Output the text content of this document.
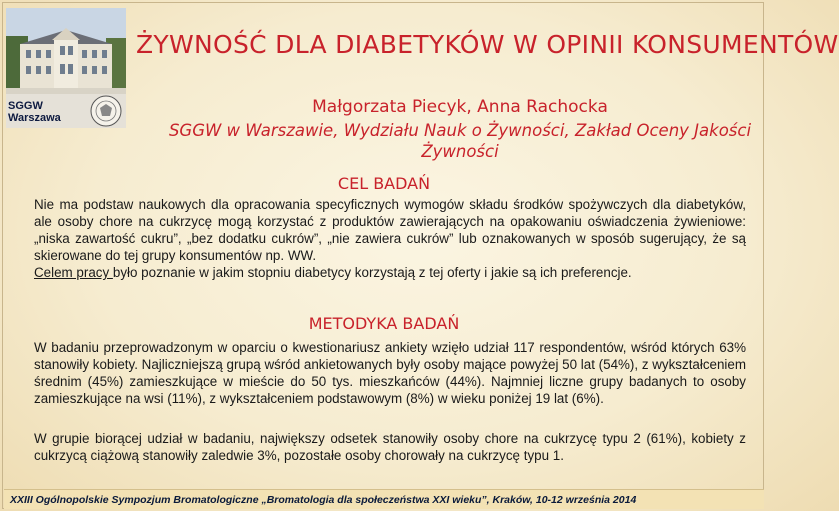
SGGW
Warszawa
ŻYWNOŚĆ DLA DIABETYKÓW W OPINII KONSUMENTÓW
Małgorzata Piecyk, Anna Rachocka
SGGW w Warszawie, Wydziału Nauk o Żywności, Zakład Oceny Jakości Żywności
CEL BADAŃ
Nie ma podstaw naukowych dla opracowania specyficznych wymogów składu środków spożywczych dla diabetyków, ale osoby chore na cukrzycę mogą korzystać z produktów zawierających na opakowaniu oświadczenia żywieniowe: „niska zawartość cukru”, „bez dodatku cukrów”, „nie zawiera cukrów” lub oznakowanych w sposób sugerujący, że są skierowane do tej grupy konsumentów np. WW.
Celem pracy było poznanie w jakim stopniu diabetycy korzystają z tej oferty i jakie są ich preferencje.
METODYKA BADAŃ
W badaniu przeprowadzonym w oparciu o kwestionariusz ankiety wzięło udział 117 respondentów, wśród których 63% stanowiły kobiety. Najliczniejszą grupą wśród ankietowanych były osoby mające powyżej 50 lat (54%), z wykształceniem średnim (45%) zamieszkujące w mieście do 50 tys. mieszkańców (44%). Najmniej liczne grupy badanych to osoby zamieszkujące na wsi (11%), z wykształceniem podstawowym (8%) w wieku poniżej 19 lat (6%).
W grupie biorącej udział w badaniu, największy odsetek stanowiły osoby chore na cukrzycę typu 2 (61%), kobiety z cukrzycą ciążową stanowiły zaledwie 3%, pozostałe osoby chorowały na cukrzycę typu 1.
XXIII Ogólnopolskie Sympozjum Bromatologiczne „Bromatologia dla społeczeństwa XXI wieku”, Kraków, 10-12 września 2014
